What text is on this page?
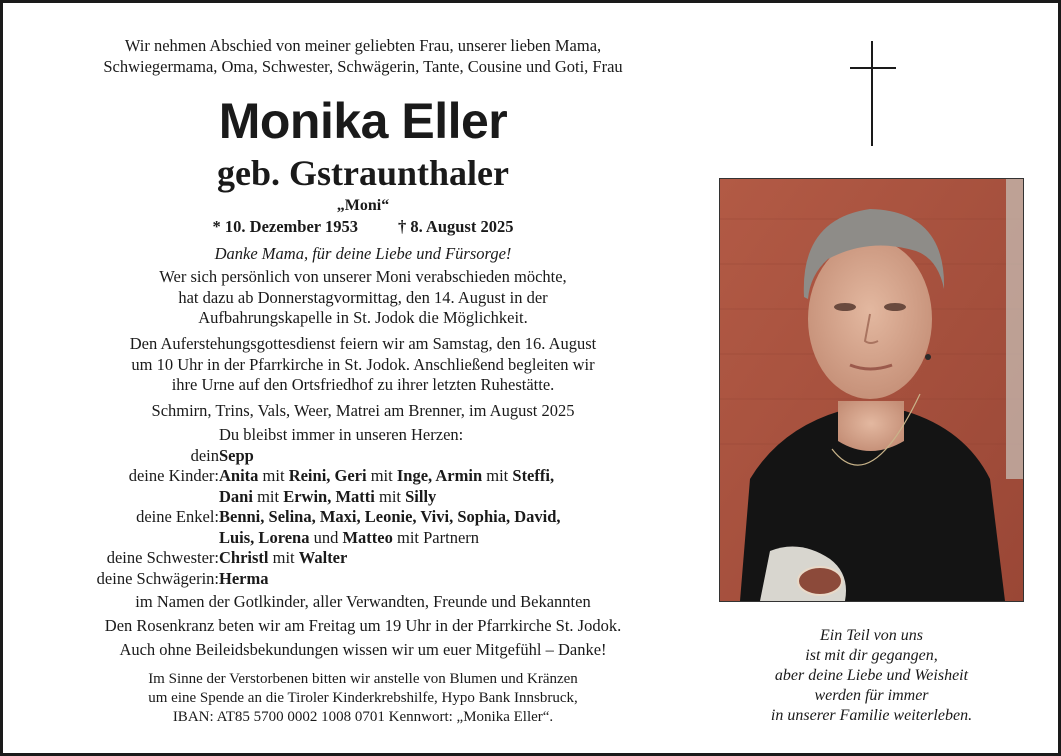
Wir nehmen Abschied von meiner geliebten Frau, unserer lieben Mama,
Schwiegermama, Oma, Schwester, Schwägerin, Tante, Cousine und Goti, Frau
Monika Eller
geb. Gstraunthaler
„Moni“
* 10. Dezember 1953 † 8. August 2025
Danke Mama, für deine Liebe und Fürsorge!
Wer sich persönlich von unserer Moni verabschieden möchte,
hat dazu ab Donnerstagvormittag, den 14. August in der
Aufbahrungskapelle in St. Jodok die Möglichkeit.
Den Auferstehungsgottesdienst feiern wir am Samstag, den 16. August
um 10 Uhr in der Pfarrkirche in St. Jodok. Anschließend begleiten wir
ihre Urne auf den Ortsfriedhof zu ihrer letzten Ruhestätte.
Schmirn, Trins, Vals, Weer, Matrei am Brenner, im August 2025
Du bleibst immer in unseren Herzen:
dein Sepp
deine Kinder: Anita mit Reini, Geri mit Inge, Armin mit Steffi,
Dani mit Erwin, Matti mit Silly
deine Enkel: Benni, Selina, Maxi, Leonie, Vivi, Sophia, David,
Luis, Lorena und Matteo mit Partnern
deine Schwester: Christl mit Walter
deine Schwägerin: Herma
im Namen der Gotlkinder, aller Verwandten, Freunde und Bekannten
Den Rosenkranz beten wir am Freitag um 19 Uhr in der Pfarrkirche St. Jodok.
Auch ohne Beileidsbekundungen wissen wir um euer Mitgefühl – Danke!
Im Sinne der Verstorbenen bitten wir anstelle von Blumen und Kränzen
um eine Spende an die Tiroler Kinderkrebshilfe, Hypo Bank Innsbruck,
IBAN: AT85 5700 0002 1008 0701 Kennwort: „Monika Eller“.
Ein Teil von uns
ist mit dir gegangen,
aber deine Liebe und Weisheit
werden für immer
in unserer Familie weiterleben.
